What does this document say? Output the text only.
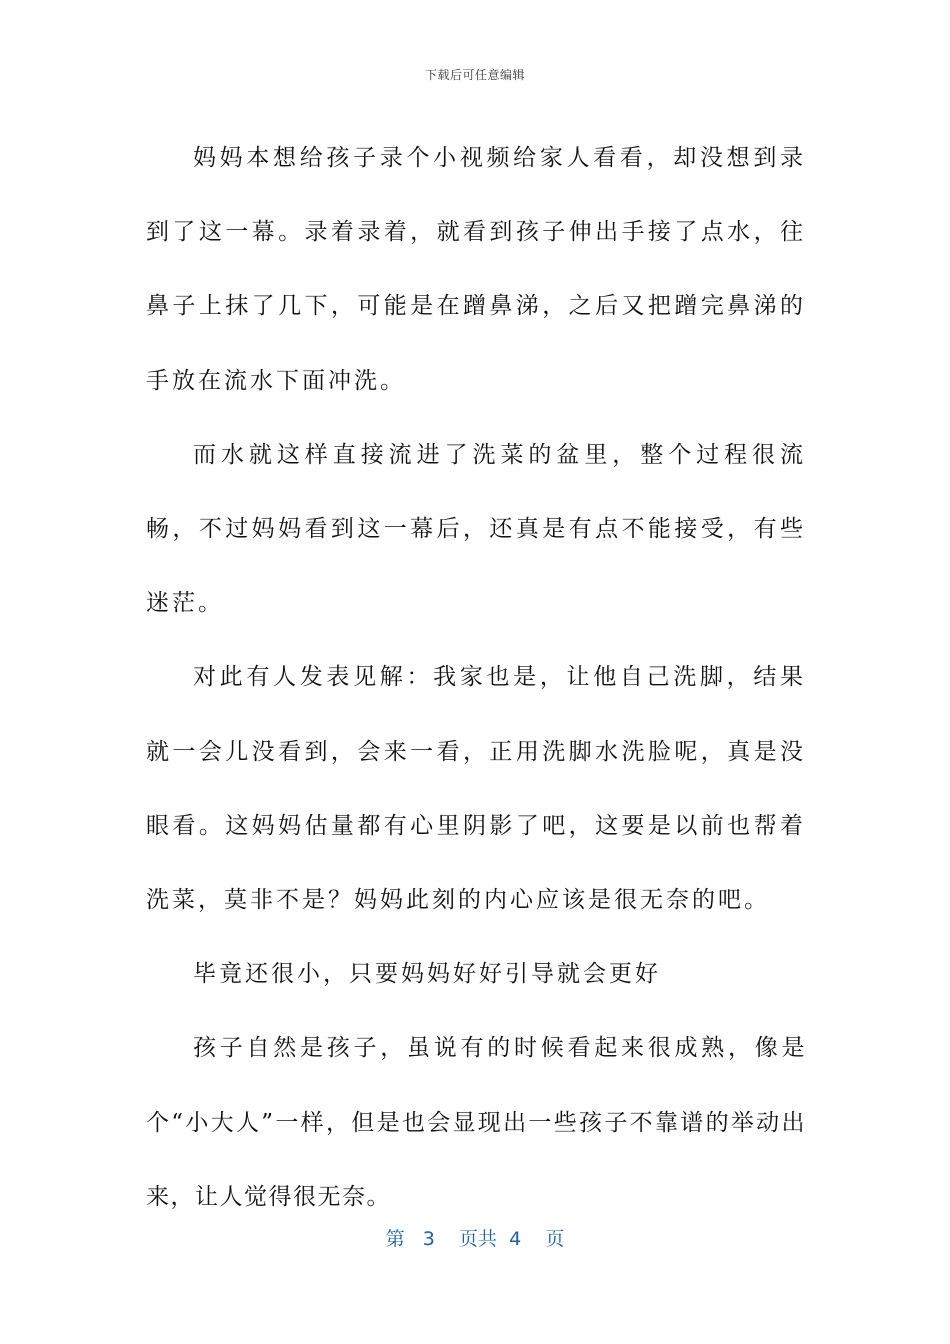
下载后可任意编辑

妈妈本想给孩子录个小视频给家人看看，却没想到录到了这一幕。录着录着，就看到孩子伸出手接了点水，往鼻子上抹了几下，可能是在蹭鼻涕，之后又把蹭完鼻涕的手放在流水下面冲洗。

而水就这样直接流进了洗菜的盆里，整个过程很流畅，不过妈妈看到这一幕后，还真是有点不能接受，有些迷茫。

对此有人发表见解：我家也是，让他自己洗脚，结果就一会儿没看到，会来一看，正用洗脚水洗脸呢，真是没眼看。这妈妈估量都有心里阴影了吧，这要是以前也帮着洗菜，莫非不是？妈妈此刻的内心应该是很无奈的吧。

毕竟还很小，只要妈妈好好引导就会更好

孩子自然是孩子，虽说有的时候看起来很成熟，像是个“小大人”一样，但是也会显现出一些孩子不靠谱的举动出来，让人觉得很无奈。

第 3 页共 4 页
